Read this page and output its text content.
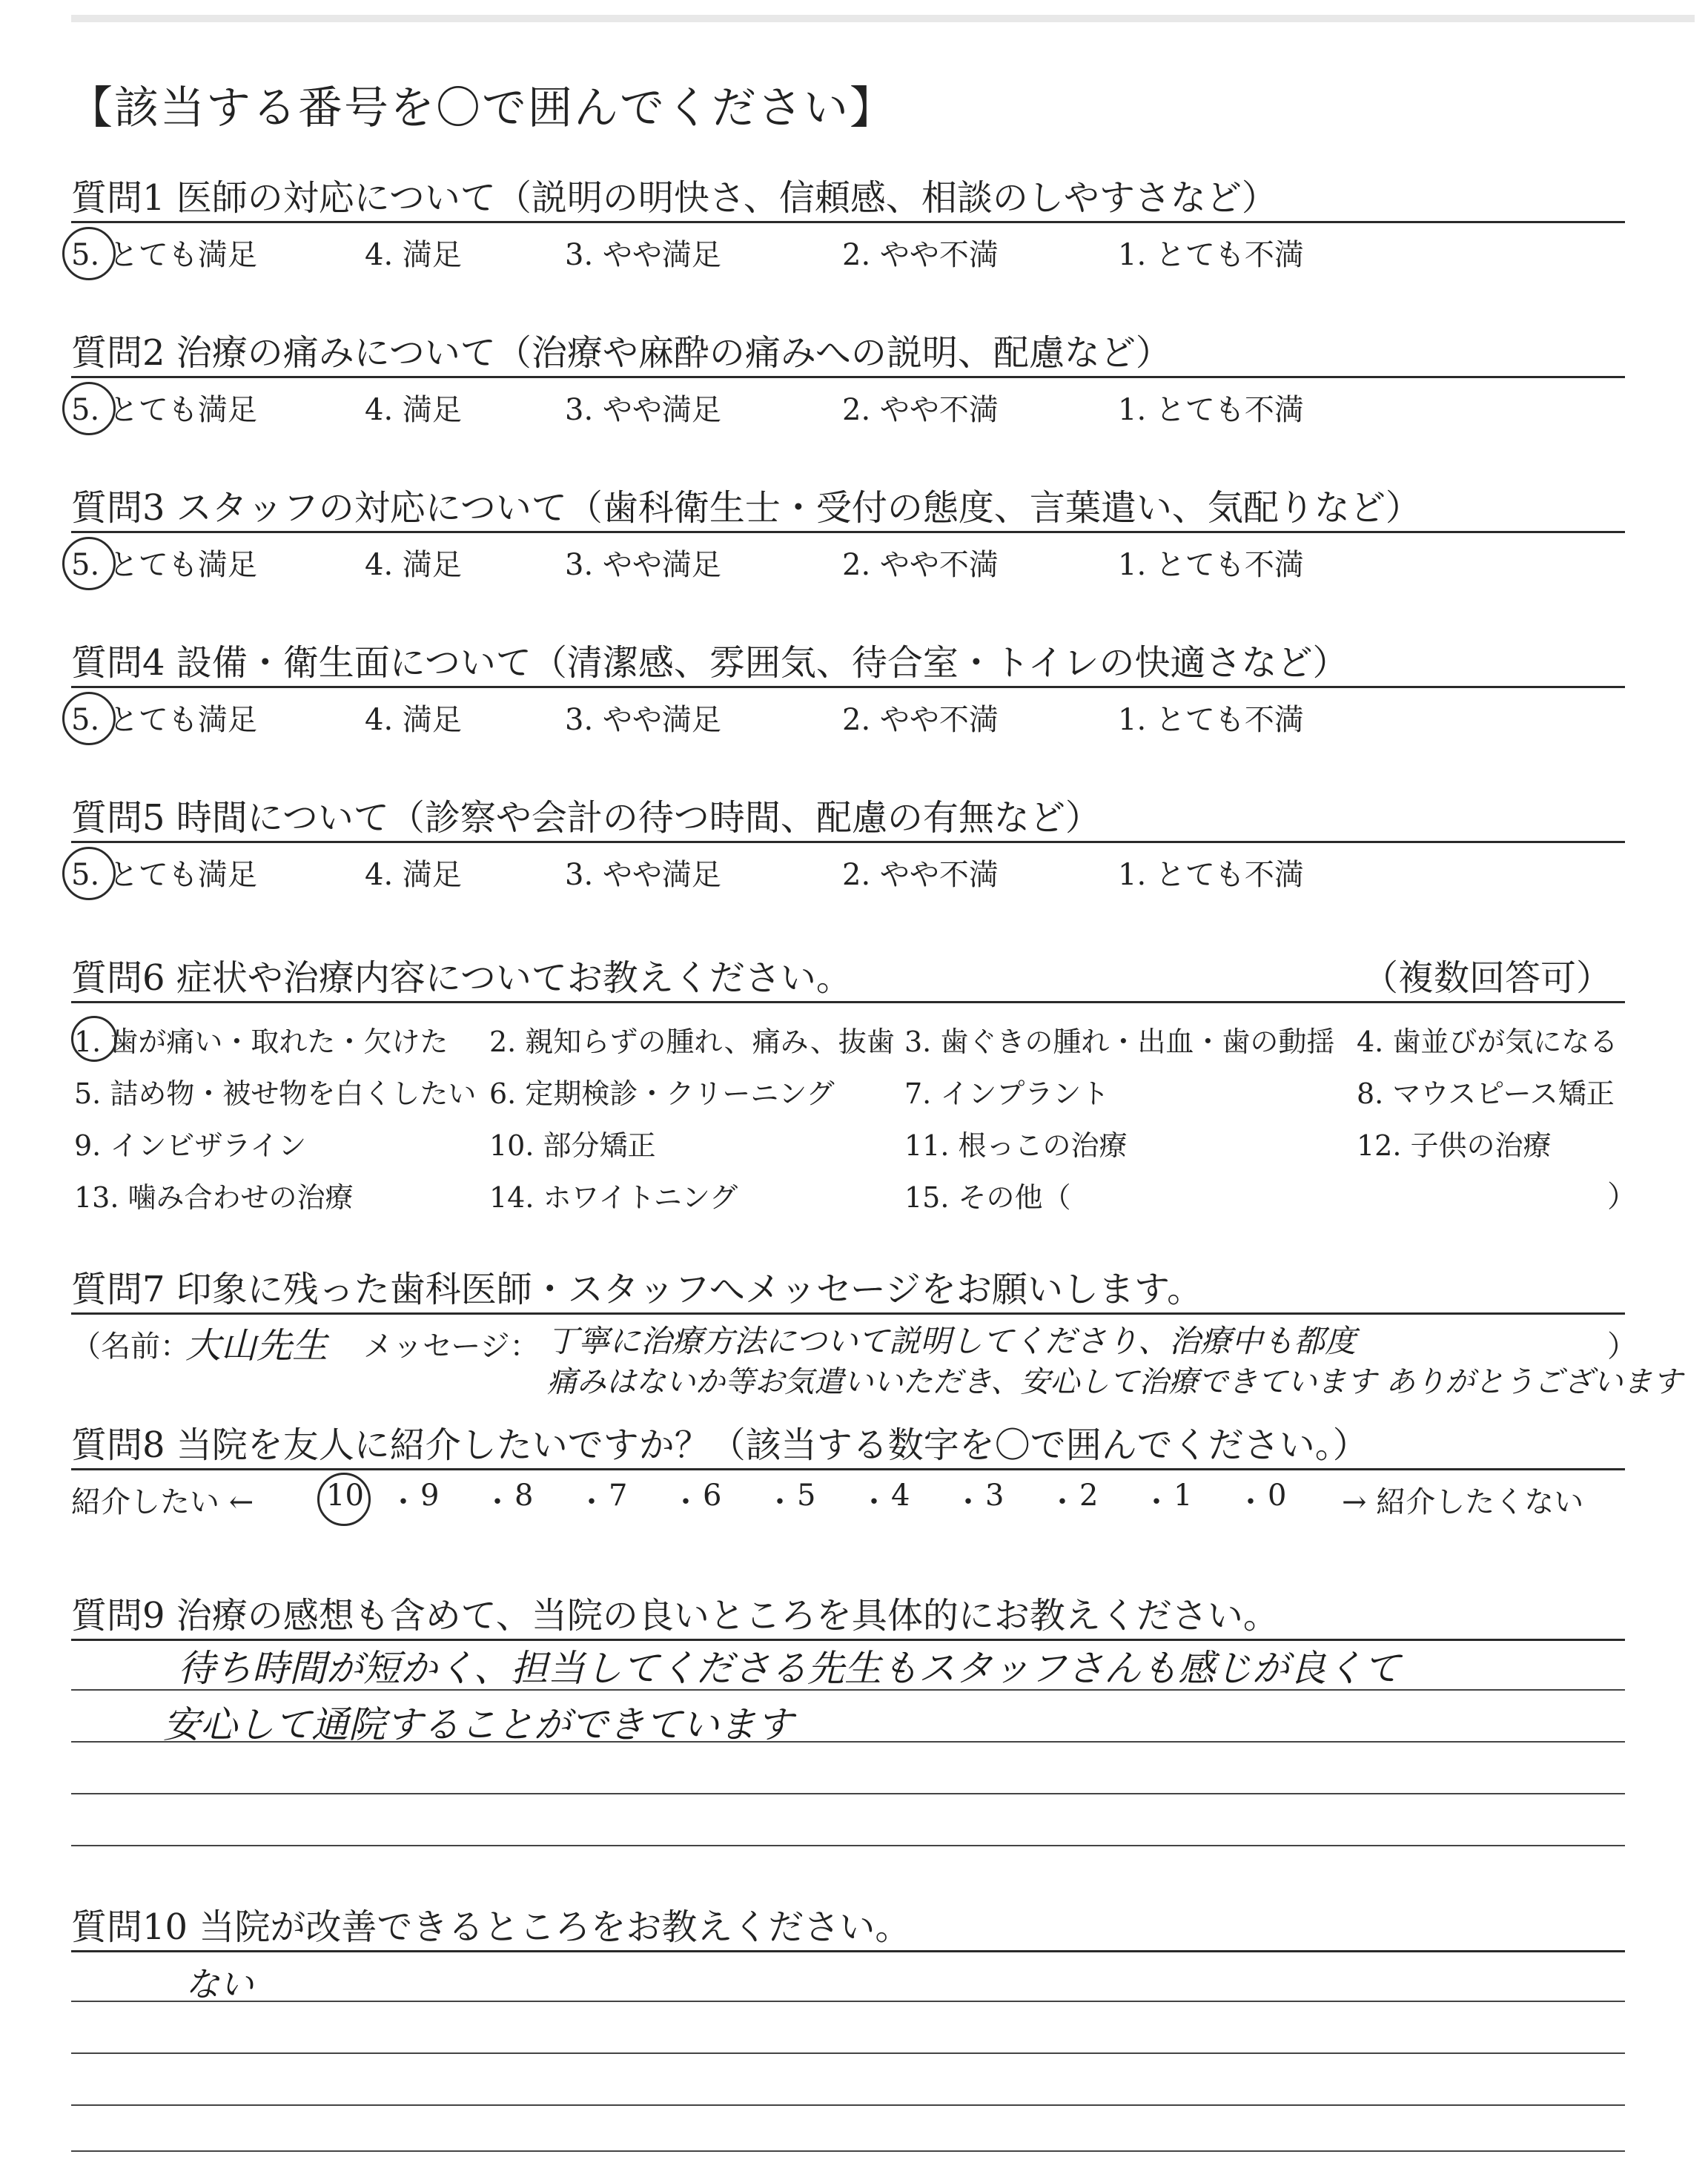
【該当する番号を〇で囲んでください】
質問1 医師の対応について（説明の明快さ、信頼感、相談のしやすさなど）
5. とても満足	4. 満足	3. やや満足	2. やや不満	1. とても不満
質問2 治療の痛みについて（治療や麻酔の痛みへの説明、配慮など）
5. とても満足	4. 満足	3. やや満足	2. やや不満	1. とても不満
質問3 スタッフの対応について（歯科衛生士・受付の態度、言葉遣い、気配りなど）
5. とても満足	4. 満足	3. やや満足	2. やや不満	1. とても不満
質問4 設備・衛生面について（清潔感、雰囲気、待合室・トイレの快適さなど）
5. とても満足	4. 満足	3. やや満足	2. やや不満	1. とても不満
質問5 時間について（診察や会計の待つ時間、配慮の有無など）
5. とても満足	4. 満足	3. やや満足	2. やや不満	1. とても不満
質問6 症状や治療内容についてお教えください。	（複数回答可）
1. 歯が痛い・取れた・欠けた 2. 親知らずの腫れ、痛み、抜歯 3. 歯ぐきの腫れ・出血・歯の動揺 4. 歯並びが気になる
5. 詰め物・被せ物を白くしたい 6. 定期検診・クリーニング 7. インプラント	8. マウスピース矯正
9. インビザライン	10. 部分矯正	11. 根っこの治療	12. 子供の治療
13. 噛み合わせの治療	14. ホワイトニング	15. その他（	）
質問7 印象に残った歯科医師・スタッフへメッセージをお願いします。
（名前：
大山先生 メッセージ： 丁寧に治療方法について説明してくださり、治療中も都度
痛みはないか等お気遣いいただき、安心して治療できています ありがとうございます
）
質問8 当院を友人に紹介したいですか？（該当する数字を〇で囲んでください。）
紹介したい ← 10 ・ 9 ・ 8 ・ 7 ・ 6 ・ 5 ・ 4 ・ 3 ・ 2 ・ 1 ・ 0 → 紹介したくない
質問9 治療の感想も含めて、当院の良いところを具体的にお教えください。
待ち時間が短かく、担当してくださる先生もスタッフさんも感じが良くて
安心して通院することができています
質問10 当院が改善できるところをお教えください。
ない
